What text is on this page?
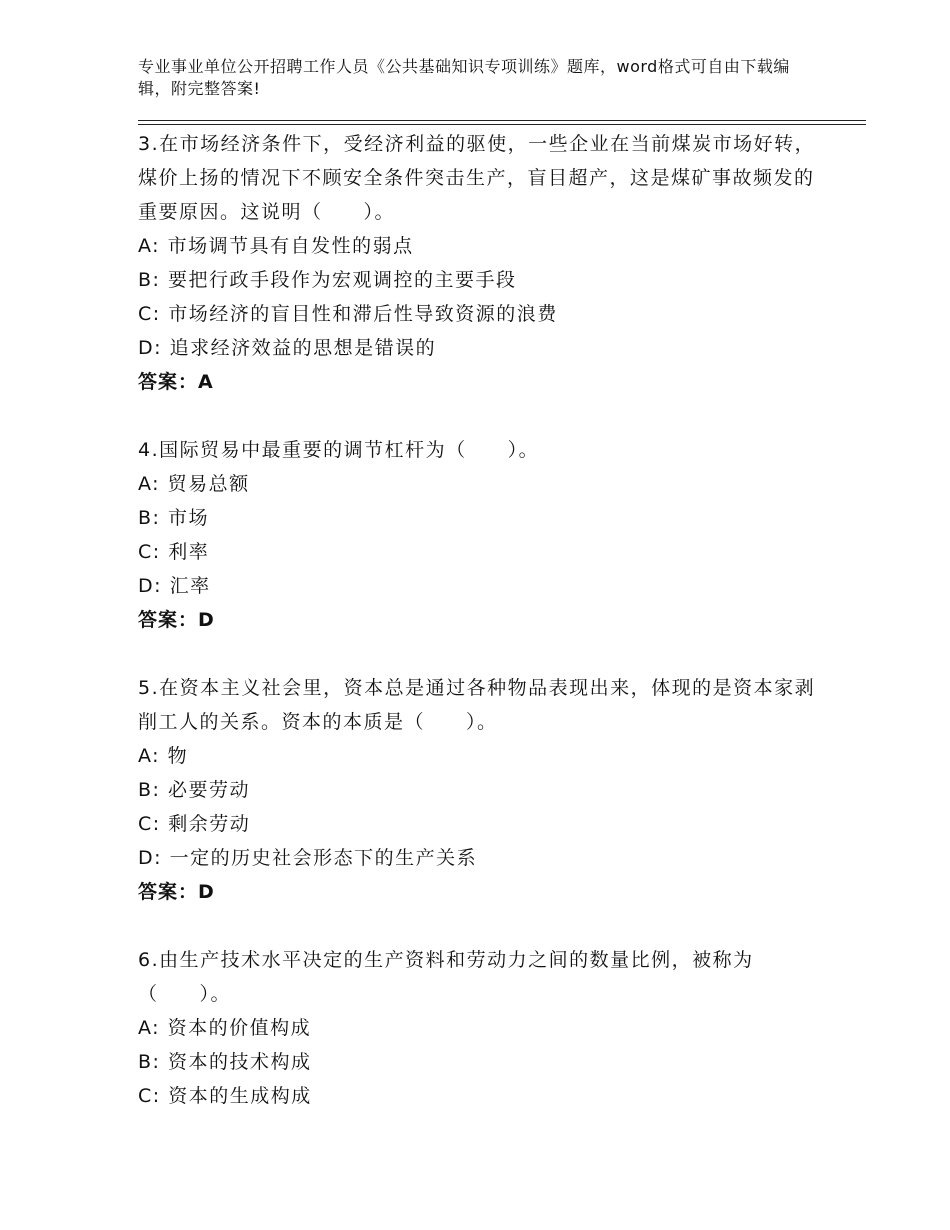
专业事业单位公开招聘工作人员《公共基础知识专项训练》题库，word格式可自由下载编辑，附完整答案!
3.在市场经济条件下，受经济利益的驱使，一些企业在当前煤炭市场好转，煤价上扬的情况下不顾安全条件突击生产，盲目超产，这是煤矿事故频发的重要原因。这说明（　　）。
A: 市场调节具有自发性的弱点
B: 要把行政手段作为宏观调控的主要手段
C: 市场经济的盲目性和滞后性导致资源的浪费
D: 追求经济效益的思想是错误的
答案：A
4.国际贸易中最重要的调节杠杆为（　　）。
A: 贸易总额
B: 市场
C: 利率
D: 汇率
答案：D
5.在资本主义社会里，资本总是通过各种物品表现出来，体现的是资本家剥削工人的关系。资本的本质是（　　）。
A: 物
B: 必要劳动
C: 剩余劳动
D: 一定的历史社会形态下的生产关系
答案：D
6.由生产技术水平决定的生产资料和劳动力之间的数量比例，被称为（　　）。
A: 资本的价值构成
B: 资本的技术构成
C: 资本的生成构成
